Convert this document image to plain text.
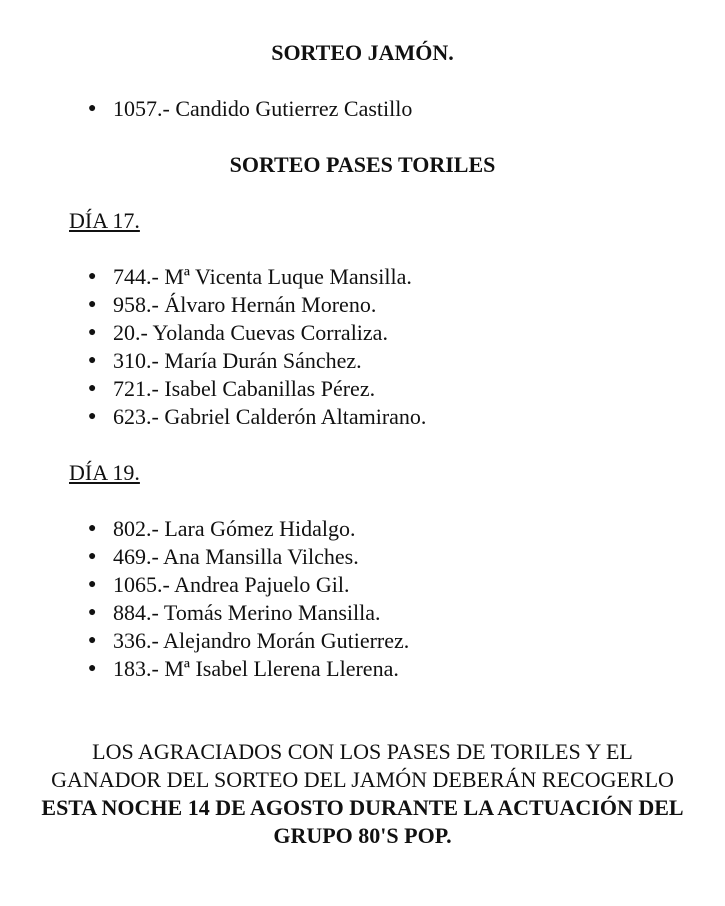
SORTEO JAMÓN.
● 1057.- Candido Gutierrez Castillo
SORTEO PASES TORILES
DÍA 17.
● 744.- Mª Vicenta Luque Mansilla.
● 958.- Álvaro Hernán Moreno.
● 20.- Yolanda Cuevas Corraliza.
● 310.- María Durán Sánchez.
● 721.- Isabel Cabanillas Pérez.
● 623.- Gabriel Calderón Altamirano.
DÍA 19.
● 802.- Lara Gómez Hidalgo.
● 469.- Ana Mansilla Vilches.
● 1065.- Andrea Pajuelo Gil.
● 884.- Tomás Merino Mansilla.
● 336.- Alejandro Morán Gutierrez.
● 183.- Mª Isabel Llerena Llerena.

LOS AGRACIADOS CON LOS PASES DE TORILES Y EL GANADOR DEL SORTEO DEL JAMÓN DEBERÁN RECOGERLO ESTA NOCHE 14 DE AGOSTO DURANTE LA ACTUACIÓN DEL GRUPO 80'S POP.
